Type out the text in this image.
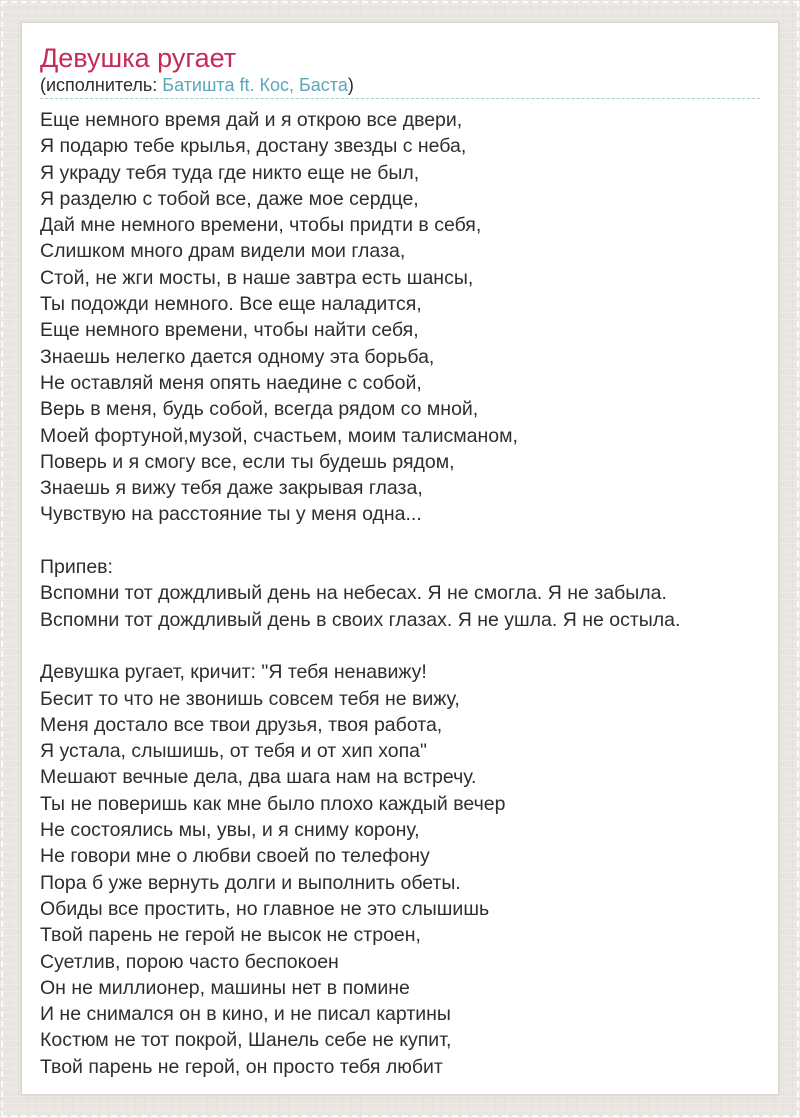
Девушка ругает
(исполнитель: Батишта ft. Кос, Баста)
Еще немного время дай и я открою все двери,
Я подарю тебе крылья, достану звезды с неба,
Я украду тебя туда где никто еще не был,
Я разделю с тобой все, даже мое сердце,
Дай мне немного времени, чтобы придти в себя,
Слишком много драм видели мои глаза,
Стой, не жги мосты, в наше завтра есть шансы,
Ты подожди немного. Все еще наладится,
Еще немного времени, чтобы найти себя,
Знаешь нелегко дается одному эта борьба,
Не оставляй меня опять наедине с собой,
Верь в меня, будь собой, всегда рядом со мной,
Моей фортуной,музой, счастьем, моим талисманом,
Поверь и я смогу все, если ты будешь рядом,
Знаешь я вижу тебя даже закрывая глаза,
Чувствую на расстояние ты у меня одна...
Припев:
Вспомни тот дождливый день на небесах. Я не смогла. Я не забыла.
Вспомни тот дождливый день в своих глазах. Я не ушла. Я не остыла.
Девушка ругает, кричит: "Я тебя ненавижу!
Бесит то что не звонишь совсем тебя не вижу,
Меня достало все твои друзья, твоя работа,
Я устала, слышишь, от тебя и от хип хопа"
Мешают вечные дела, два шага нам на встречу.
Ты не поверишь как мне было плохо каждый вечер
Не состоялись мы, увы, и я сниму корону,
Не говори мне о любви своей по телефону
Пора б уже вернуть долги и выполнить обеты.
Обиды все простить, но главное не это слышишь
Твой парень не герой не высок не строен,
Суетлив, порою часто беспокоен
Он не миллионер, машины нет в помине
И не снимался он в кино, и не писал картины
Костюм не тот покрой, Шанель себе не купит,
Твой парень не герой, он просто тебя любит
